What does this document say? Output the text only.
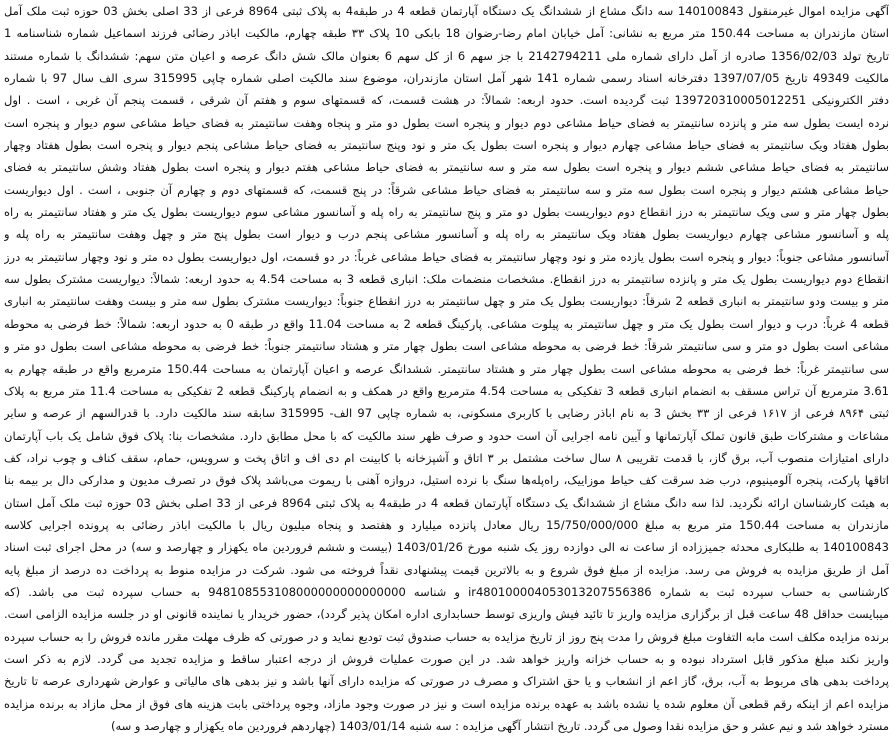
آگهی مزایده اموال غیرمنقول 140100843 سه دانگ مشاع از ششدانگ یک دستگاه آپارتمان قطعه 4 در طبقه4 به پلاک ثبتی 8964 فرعی از 33 اصلی بخش 03 حوزه ثبت ملک آمل
استان مازندران به مساحت 150.44 متر مربع به نشانی: آمل خیابان امام رضا-رضوان 18 بابکی 10 پلاک ۳۳ طبقه چهارم، مالکیت اباذر رضائی فرزند اسماعیل شماره شناسنامه 1
تاریخ تولد 1356/02/03 صادره از آمل دارای شماره ملی 2142794211 با جز سهم 6 از کل سهم 6 بعنوان مالک شش دانگ عرصه و اعیان متن سهم: ششدانگ با شماره مستند
مالکیت 49349 تاریخ 1397/07/05 دفترخانه اسناد رسمی شماره 141 شهر آمل استان مازندران، موضوع سند مالکیت اصلی شماره چاپی 315995 سری الف سال 97 با شماره
دفتر الکترونیکی 139720310005012251 ثبت گردیده است. حدود اربعه: شمالاً: در هشت قسمت، که قسمتهای سوم و هفتم آن شرقی ، قسمت پنجم آن غربی ، است . اول
نرده ایست بطول سه متر و پانزده سانتیمتر به فضای حیاط مشاعی دوم دیوار و پنجره است بطول دو متر و پنجاه وهفت سانتیمتر به فضای حیاط مشاعی سوم دیوار و پنجره است
بطول هفتاد ویک سانتیمتر به فضای حیاط مشاعی چهارم دیوار و پنجره است بطول یک متر و نود وپنج سانتیمتر به فضای حیاط مشاعی پنجم دیوار و پنجره است بطول هفتاد وچهار
سانتیمتر به فضای حیاط مشاعی ششم دیوار و پنجره است بطول سه متر و سه سانتیمتر به فضای حیاط مشاعی هفتم دیوار و پنجره است بطول هفتاد وشش سانتیمتر به فضای
حیاط مشاعی هشتم دیوار و پنجره است بطول سه متر و سه سانتیمتر به فضای حیاط مشاعی شرقاً: در پنج قسمت، که قسمتهای دوم و چهارم آن جنوبی ، است . اول دیواریست
بطول چهار متر و سی ویک سانتیمتر به درز انقطاع دوم دیواریست بطول دو متر و پنج سانتیمتر به راه پله و آسانسور مشاعی سوم دیواریست بطول یک متر و هفتاد سانتیمتر به راه
پله و آسانسور مشاعی چهارم دیواریست بطول هفتاد ویک سانتیمتر به راه پله و آسانسور مشاعی پنجم درب و دیوار است بطول پنج متر و چهل وهفت سانتیمتر به راه پله و
آسانسور مشاعی جنوباً: دیوار و پنجره است بطول یازده متر و نود وچهار سانتیمتر به فضای حیاط مشاعی غرباً: در دو قسمت، اول دیواریست بطول ده متر و نود وچهار سانتیمتر به درز
انقطاع دوم دیواریست بطول یک متر و پانزده سانتیمتر به درز انقطاع. مشخصات منضمات ملک: انباری قطعه 3 به مساحت 4.54 به حدود اربعه: شمالاً: دیواریست مشترک بطول سه
متر و بیست ودو سانتیمتر به انباری قطعه 2 شرقاً: دیواریست بطول یک متر و چهل سانتیمتر به درز انقطاع جنوباً: دیواریست مشترک بطول سه متر و بیست وهفت سانتیمتر به انباری
قطعه 4 غرباً: درب و دیوار است بطول یک متر و چهل سانتیمتر به پیلوت مشاعی. پارکینگ قطعه 2 به مساحت 11.04 واقع در طبقه 0 به حدود اربعه: شمالاً: خط فرضی به محوطه
مشاعی است بطول دو متر و سی سانتیمتر شرقاً: خط فرضی به محوطه مشاعی است بطول چهار متر و هشتاد سانتیمتر جنوباً: خط فرضی به محوطه مشاعی است بطول دو متر و
سی سانتیمتر غرباً: خط فرضی به محوطه مشاعی است بطول چهار متر و هشتاد سانتیمتر. ششدانگ عرصه و اعیان آپارتمان به مساحت 150.44 مترمربع واقع در طبقه چهارم به
3.61 مترمربع آن تراس مسقف به انضمام انباری قطعه 3 تفکیکی به مساحت 4.54 مترمربع واقع در همکف و به انضمام پارکینگ قطعه 2 تفکیکی به مساحت 11.4 متر مربع به پلاک
ثبتی ۸۹۶۴ فرعی از ۱۶۱۷ فرعی از ۳۳ بخش 3 به نام اباذر رضایی با کاربری مسکونی، به شماره چاپی 97 الف- 315995 سابقه سند مالکیت دارد. با قدرالسهم از عرصه و سایر
مشاعات و مشترکات طبق قانون تملک آپارتمانها و آیین نامه اجرایی آن است حدود و صرف ظهر سند مالکیت که با محل مطابق دارد. مشخصات بنا: پلاک فوق شامل یک باب آپارتمان
دارای امتیازات منصوب آب، برق گاز، با قدمت تقریبی ۸ سال ساخت مشتمل بر ۳ اتاق و آشپزخانه با کابینت ام دی اف و اتاق پخت و سرویس، حمام، سقف کناف و چوب نراد، کف
اتاقها پارکت، پنجره آلومینیوم، درب ضد سرقت کف حیاط موزاییک، راه‌پله‌ها سنگ با نرده استیل، دروازه آهنی با ریموت می‌باشد پلاک فوق در تصرف مدیون و مدارکی دال بر بیمه بنا
به هیئت کارشناسان ارائه نگردید. لذا سه دانگ مشاع از ششدانگ یک دستگاه آپارتمان قطعه 4 در طبقه4 به پلاک ثبتی 8964 فرعی از 33 اصلی بخش 03 حوزه ثبت ملک آمل استان
مازندران به مساحت 150.44 متر مربع به مبلغ 15/750/000/000 ریال معادل پانزده میلیارد و هفتصد و پنجاه میلیون ریال با مالکیت اباذر رضائی به پرونده اجرایی کلاسه
140100843 به طلبکاری محدثه جمیززاده از ساعت نه الی دوازده روز یک شنبه مورخ 1403/01/26 (بیست و ششم فروردین ماه یکهزار و چهارصد و سه) در محل اجرای ثبت اسناد
آمل از طریق مزایده به فروش می رسد. مزایده از مبلغ فوق شروع و به بالاترین قیمت پیشنهادی نقداً فروخته می شود. شرکت در مزایده منوط به پرداخت ده درصد از مبلغ پایه
کارشناسی به حساب سپرده ثبت به شماره ir480100004053013207556386 و شناسه 948108553108000000000000000 به حساب سپرده ثبت می باشد. (که
میبایست حداقل 48 ساعت قبل از برگزاری مزایده واریز تا تائید فیش واریزی توسط حسابداری اداره امکان پذیر گردد)، حضور خریدار یا نماینده قانونی او در جلسه مزایده الزامی است.
برنده مزایده مکلف است مابه التفاوت مبلغ فروش را مدت پنج روز از تاریخ مزایده به حساب صندوق ثبت تودیع نماید و در صورتی که ظرف مهلت مقرر مانده فروش را به حساب سپرده
واریز نکند مبلغ مذکور قابل استرداد نبوده و به حساب خزانه واریز خواهد شد. در این صورت عملیات فروش از درجه اعتبار ساقط و مزایده تجدید می گردد. لازم به ذکر است
پرداخت بدهی های مربوط به آب، برق، گاز اعم از انشعاب و یا حق اشتراک و مصرف در صورتی که مزایده دارای آنها باشد و نیز بدهی های مالیاتی و عوارض شهرداری عرصه تا تاریخ
مزایده اعم از اینکه رقم قطعی آن معلوم شده یا نشده باشد به عهده برنده مزایده است و نیز در صورت وجود مازاد، وجوه پرداختی بابت هزینه های فوق از محل مازاد به برنده مزایده
مسترد خواهد شد و نیم عشر و حق مزایده نقدا وصول می گردد. تاریخ انتشار آگهی مزایده : سه شنبه 1403/01/14 (چهاردهم فروردین ماه یکهزار و چهارصد و سه)
